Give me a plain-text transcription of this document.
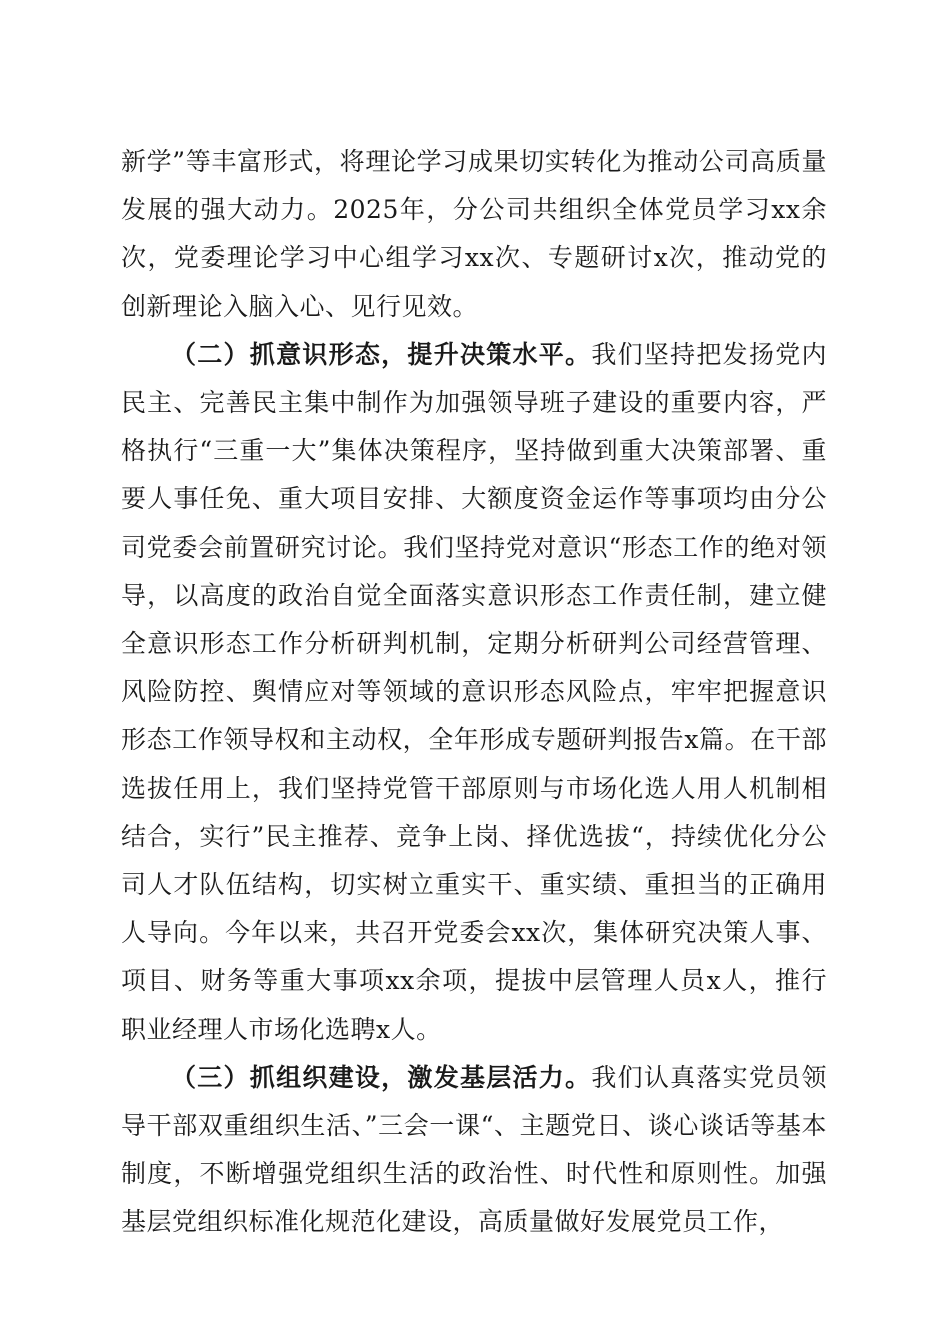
新学”等丰富形式，将理论学习成果切实转化为推动公司高质量发展的强大动力。2025年，分公司共组织全体党员学习xx余次，党委理论学习中心组学习xx次、专题研讨x次，推动党的创新理论入脑入心、见行见效。

（二）抓意识形态，提升决策水平。我们坚持把发扬党内民主、完善民主集中制作为加强领导班子建设的重要内容，严格执行“三重一大”集体决策程序，坚持做到重大决策部署、重要人事任免、重大项目安排、大额度资金运作等事项均由分公司党委会前置研究讨论。我们坚持党对意识“形态工作的绝对领导，以高度的政治自觉全面落实意识形态工作责任制，建立健全意识形态工作分析研判机制，定期分析研判公司经营管理、风险防控、舆情应对等领域的意识形态风险点，牢牢把握意识形态工作领导权和主动权，全年形成专题研判报告x篇。在干部选拔任用上，我们坚持党管干部原则与市场化选人用人机制相结合，实行”民主推荐、竞争上岗、择优选拔“，持续优化分公司人才队伍结构，切实树立重实干、重实绩、重担当的正确用人导向。今年以来，共召开党委会xx次，集体研究决策人事、项目、财务等重大事项xx余项，提拔中层管理人员x人，推行职业经理人市场化选聘x人。

（三）抓组织建设，激发基层活力。我们认真落实党员领导干部双重组织生活、”三会一课“、主题党日、谈心谈话等基本制度，不断增强党组织生活的政治性、时代性和原则性。加强基层党组织标准化规范化建设，高质量做好发展党员工作，
